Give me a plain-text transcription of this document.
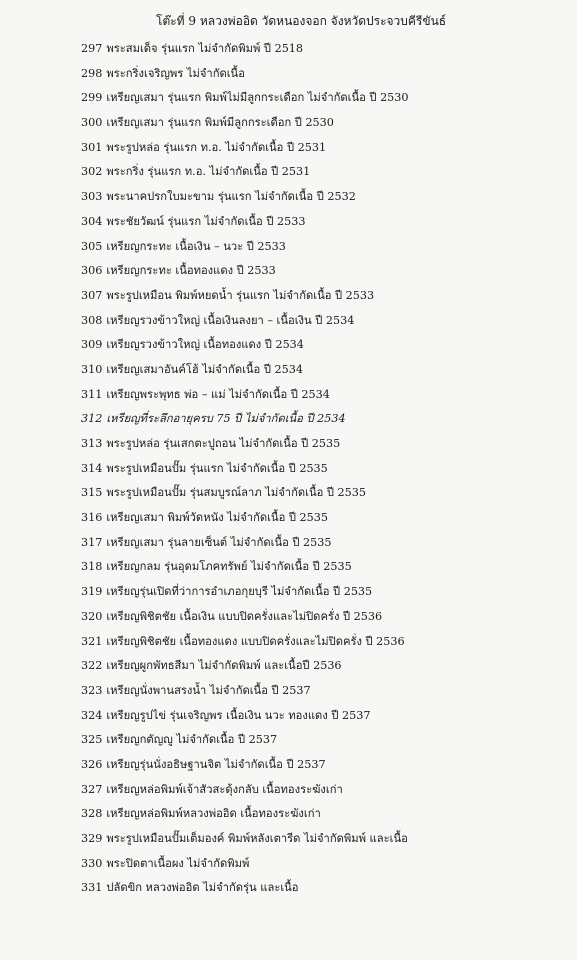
โต๊ะที่ 9 หลวงพ่ออิด วัดหนองจอก จังหวัดประจวบคีรีขันธ์
297 พระสมเด็จ รุ่นแรก ไม่จำกัดพิมพ์ ปี 2518
298 พระกริ่งเจริญพร ไม่จำกัดเนื้อ
299 เหรียญเสมา รุ่นแรก พิมพ์ไม่มีลูกกระเดือก ไม่จำกัดเนื้อ ปี 2530
300 เหรียญเสมา รุ่นแรก พิมพ์มีลูกกระเดือก ปี 2530
301 พระรูปหล่อ รุ่นแรก ท.อ. ไม่จำกัดเนื้อ ปี 2531
302 พระกริ่ง รุ่นแรก ท.อ. ไม่จำกัดเนื้อ ปี 2531
303 พระนาคปรกใบมะขาม รุ่นแรก ไม่จำกัดเนื้อ ปี 2532
304 พระชัยวัฒน์ รุ่นแรก ไม่จำกัดเนื้อ ปี 2533
305 เหรียญกระทะ เนื้อเงิน – นวะ ปี 2533
306 เหรียญกระทะ เนื้อทองแดง ปี 2533
307 พระรูปเหมือน พิมพ์หยดน้ำ รุ่นแรก ไม่จำกัดเนื้อ ปี 2533
308 เหรียญรวงข้าวใหญ่ เนื้อเงินลงยา – เนื้อเงิน ปี 2534
309 เหรียญรวงข้าวใหญ่ เนื้อทองแดง ปี 2534
310 เหรียญเสมาอันค์โฮ้ ไม่จำกัดเนื้อ ปี 2534
311 เหรียญพระพุทธ พ่อ – แม่ ไม่จำกัดเนื้อ ปี 2534
312 เหรียญที่ระลึกอายุครบ 75 ปี ไม่จำกัดเนื้อ ปี 2534
313 พระรูปหล่อ รุ่นเสกตะปูถอน ไม่จำกัดเนื้อ ปี 2535
314 พระรูปเหมือนปั๊ม รุ่นแรก ไม่จำกัดเนื้อ ปี 2535
315 พระรูปเหมือนปั๊ม รุ่นสมบูรณ์ลาภ ไม่จำกัดเนื้อ ปี 2535
316 เหรียญเสมา พิมพ์วัดหนัง ไม่จำกัดเนื้อ ปี 2535
317 เหรียญเสมา รุ่นลายเซ็นต์ ไม่จำกัดเนื้อ ปี 2535
318 เหรียญกลม รุ่นอุดมโภคทรัพย์ ไม่จำกัดเนื้อ ปี 2535
319 เหรียญรุ่นเปิดที่ว่าการอำเภอกุยบุรี ไม่จำกัดเนื้อ ปี 2535
320 เหรียญพิชิตชัย เนื้อเงิน แบบปิดครั่งและไม่ปิดครั่ง ปี 2536
321 เหรียญพิชิตชัย เนื้อทองแดง แบบปิดครั่งและไม่ปิดครั่ง ปี 2536
322 เหรียญผูกพัทธสีมา ไม่จำกัดพิมพ์ และเนื้อปี 2536
323 เหรียญนั่งพานสรงน้ำ ไม่จำกัดเนื้อ ปี 2537
324 เหรียญรูปไข่ รุ่นเจริญพร เนื้อเงิน นวะ ทองแดง ปี 2537
325 เหรียญกตัญญู ไม่จำกัดเนื้อ ปี 2537
326 เหรียญรุ่นนั่งอธิษฐานจิต ไม่จำกัดเนื้อ ปี 2537
327 เหรียญหล่อพิมพ์เจ้าสัวสะดุ้งกลับ เนื้อทองระฆังเก่า
328 เหรียญหล่อพิมพ์หลวงพ่ออิด เนื้อทองระฆังเก่า
329 พระรูปเหมือนปั๊มเต็มองค์ พิมพ์หลังเตารีด ไม่จำกัดพิมพ์ และเนื้อ
330 พระปิดตาเนื้อผง ไม่จำกัดพิมพ์
331 ปลัดขิก หลวงพ่ออิด ไม่จำกัดรุ่น และเนื้อ
